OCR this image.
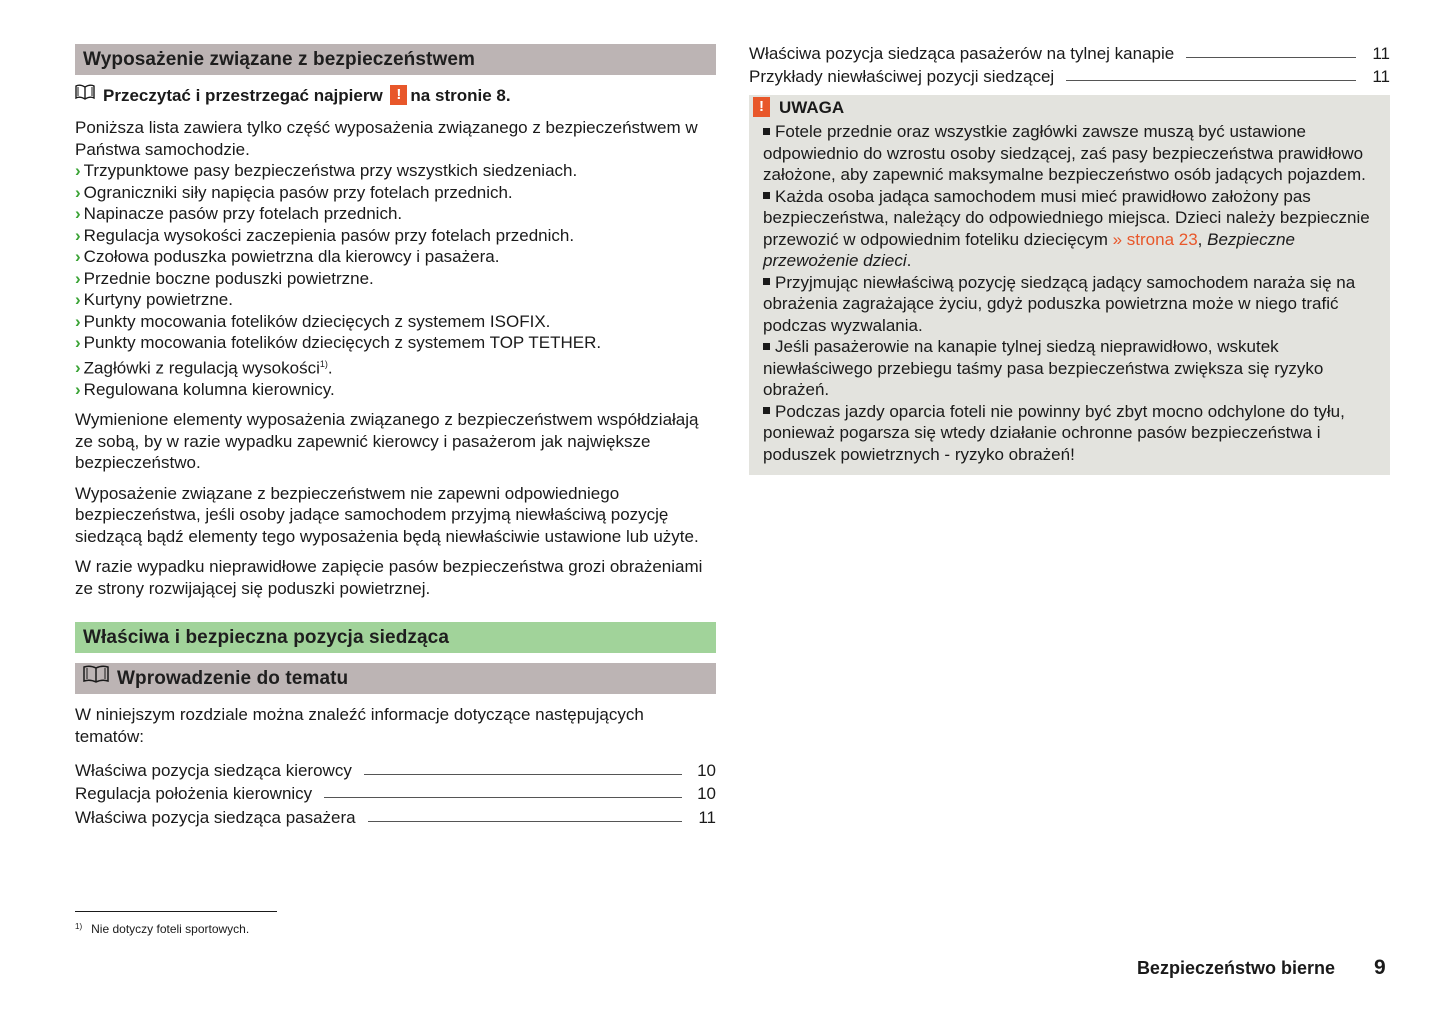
Wyposażenie związane z bezpieczeństwem
Przeczytać i przestrzegać najpierw ! na stronie 8.

Poniższa lista zawiera tylko część wyposażenia związanego z bezpieczeństwem w Państwa samochodzie.

› Trzypunktowe pasy bezpieczeństwa przy wszystkich siedzeniach.
› Ograniczniki siły napięcia pasów przy fotelach przednich.
› Napinacze pasów przy fotelach przednich.
› Regulacja wysokości zaczepienia pasów przy fotelach przednich.
› Czołowa poduszka powietrzna dla kierowcy i pasażera.
› Przednie boczne poduszki powietrzne.
› Kurtyny powietrzne.
› Punkty mocowania fotelików dziecięcych z systemem ISOFIX.
› Punkty mocowania fotelików dziecięcych z systemem TOP TETHER.
› Zagłówki z regulacją wysokości$^{1)}$.
› Regulowana kolumna kierownicy.

Wymienione elementy wyposażenia związanego z bezpieczeństwem współdziałają ze sobą, by w razie wypadku zapewnić kierowcy i pasażerom jak największe bezpieczeństwo.

Wyposażenie związane z bezpieczeństwem nie zapewni odpowiedniego bezpieczeństwa, jeśli osoby jadące samochodem przyjmą niewłaściwą pozycję siedzącą bądź elementy tego wyposażenia będą niewłaściwie ustawione lub użyte.

W razie wypadku nieprawidłowe zapięcie pasów bezpieczeństwa grozi obrażeniami ze strony rozwijającej się poduszki powietrznej.

Właściwa i bezpieczna pozycja siedząca
Wprowadzenie do tematu

W niniejszym rozdziale można znaleźć informacje dotyczące następujących tematów:

Właściwa pozycja siedząca kierowcy	10
Regulacja położenia kierownicy	10
Właściwa pozycja siedząca pasażera	11
Właściwa pozycja siedząca pasażerów na tylnej kanapie	11
Przykłady niewłaściwej pozycji siedzącej	11
! UWAGA

Fotele przednie oraz wszystkie zagłówki zawsze muszą być ustawione odpowiednio do wzrostu osoby siedzącej, zaś pasy bezpieczeństwa prawidłowo założone, aby zapewnić maksymalne bezpieczeństwo osób jadących pojazdem.

Każda osoba jadąca samochodem musi mieć prawidłowo założony pas bezpieczeństwa, należący do odpowiedniego miejsca. Dzieci należy bezpiecznie przewozić w odpowiednim foteliku dziecięcym » strona 23, Bezpieczne przewożenie dzieci.

Przyjmując niewłaściwą pozycję siedzącą jadący samochodem naraża się na obrażenia zagrażające życiu, gdyż poduszka powietrzna może w niego trafić podczas wyzwalania.

Jeśli pasażerowie na kanapie tylnej siedzą nieprawidłowo, wskutek niewłaściwego przebiegu taśmy pasa bezpieczeństwa zwiększa się ryzyko obrażeń.

Podczas jazdy oparcia foteli nie powinny być zbyt mocno odchylone do tyłu, ponieważ pogarsza się wtedy działanie ochronne pasów bezpieczeństwa i poduszek powietrznych - ryzyko obrażeń!

$^{1)}$ Nie dotyczy foteli sportowych.
Bezpieczeństwo bierne 9
